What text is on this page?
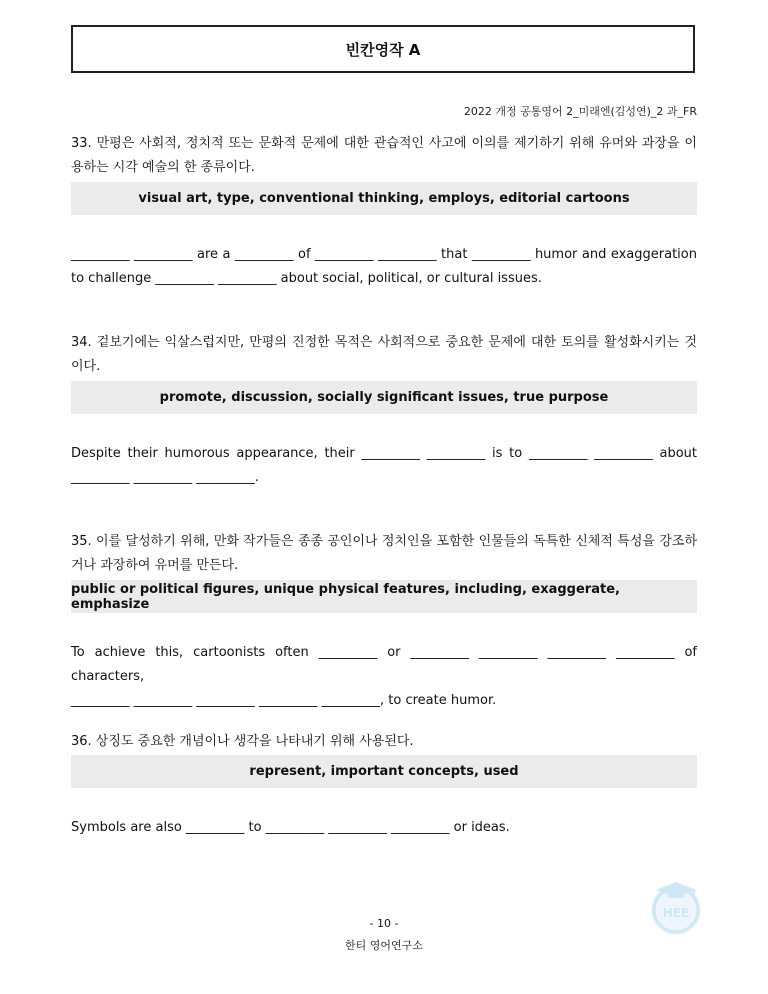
빈칸영작 A
2022 개정 공통영어 2_미래엔(김성연)_2 과_FR
33. 만평은 사회적, 정치적 또는 문화적 문제에 대한 관습적인 사고에 이의를 제기하기 위해 유머와 과장을 이용하는 시각 예술의 한 종류이다.
visual art, type, conventional thinking, employs, editorial cartoons
_________ _________ are a _________ of _________ _________ that _________ humor and exaggeration
to challenge _________ _________ about social, political, or cultural issues.
34. 겉보기에는 익살스럽지만, 만평의 진정한 목적은 사회적으로 중요한 문제에 대한 토의를 활성화시키는 것이다.
promote, discussion, socially significant issues, true purpose
Despite their humorous appearance, their _________ _________ is to _________ _________ about
_________ _________ _________.
35. 이를 달성하기 위해, 만화 작가들은 종종 공인이나 정치인을 포함한 인물들의 독특한 신체적 특성을 강조하거나 과장하여 유머를 만든다.
public or political figures, unique physical features, including, exaggerate, emphasize
To achieve this, cartoonists often _________ or _________ _________ _________ _________ of characters,
_________ _________ _________ _________ _________, to create humor.
36. 상징도 중요한 개념이나 생각을 나타내기 위해 사용된다.
represent, important concepts, used
Symbols are also _________ to _________ _________ _________ or ideas.
- 10 -
한티 영어연구소
HEE
